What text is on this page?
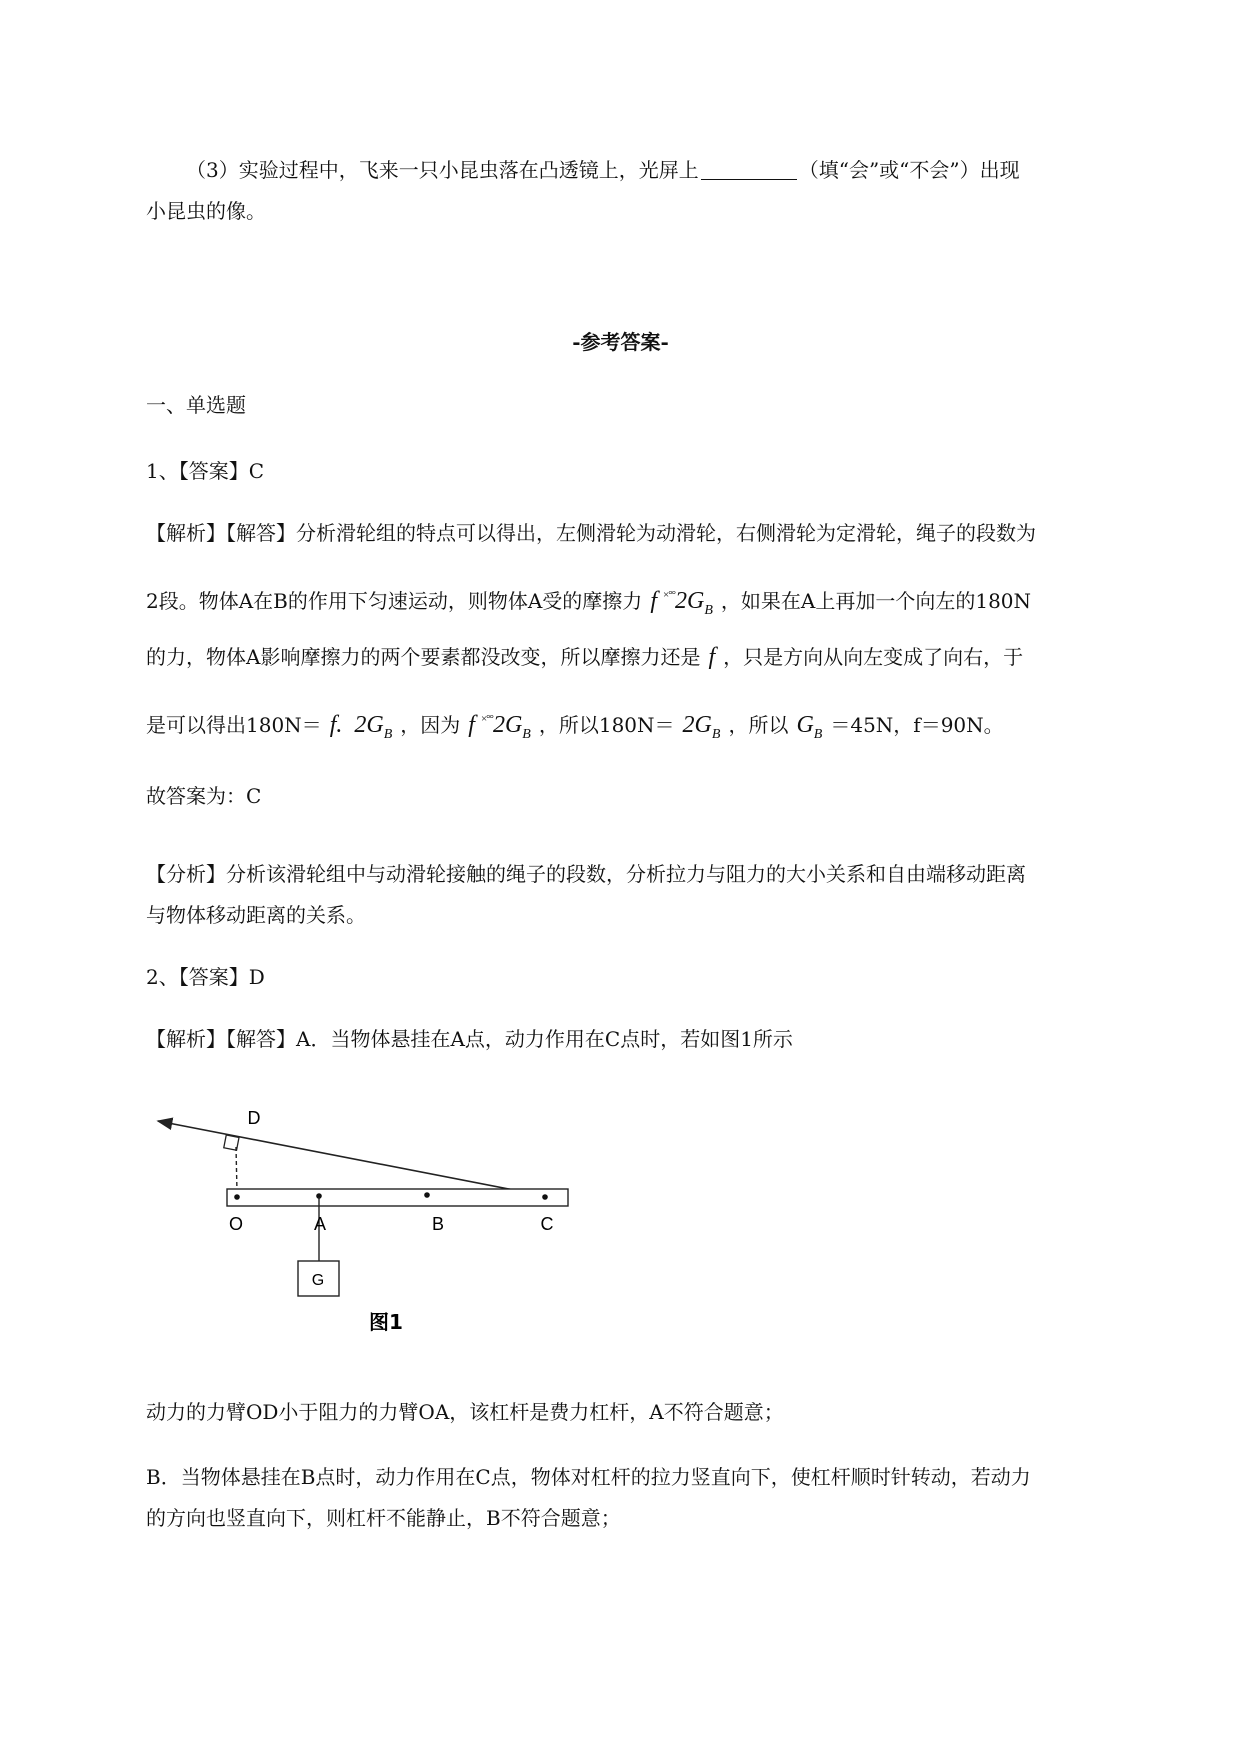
（3）实验过程中，飞来一只小昆虫落在凸透镜上，光屏上	（填“会”或“不会”）出现
小昆虫的像。
-参考答案-
一、单选题
1、【答案】C
【解析】【解答】分析滑轮组的特点可以得出，左侧滑轮为动滑轮，右侧滑轮为定滑轮，绳子的段数为
2段。物体A在B的作用下匀速运动，则物体A受的摩擦力 f $^{\times^\circ^\circ}2G_B$ ，如果在A上再加一个向左的180N
的力，物体A影响摩擦力的两个要素都没改变，所以摩擦力还是 f ，只是方向从向左变成了向右，于
是可以得出180N＝ f. $2G_B$ ，因为 f $^{\times^\circ^\circ}2G_B$ ，所以$180N= 2G_B$ ，所以 $G_B =45N$，f＝90N。
故答案为：C
【分析】分析该滑轮组中与动滑轮接触的绳子的段数，分析拉力与阻力的大小关系和自由端移动距离
与物体移动距离的关系。
2、【答案】D
【解析】【解答】A．当物体悬挂在A点，动力作用在C点时，若如图1所示
G
D
O	A	B	C
图1
动力的力臂OD小于阻力的力臂OA，该杠杆是费力杠杆，A不符合题意；
B．当物体悬挂在B点时，动力作用在C点，物体对杠杆的拉力竖直向下，使杠杆顺时针转动，若动力
的方向也竖直向下，则杠杆不能静止，B不符合题意；
